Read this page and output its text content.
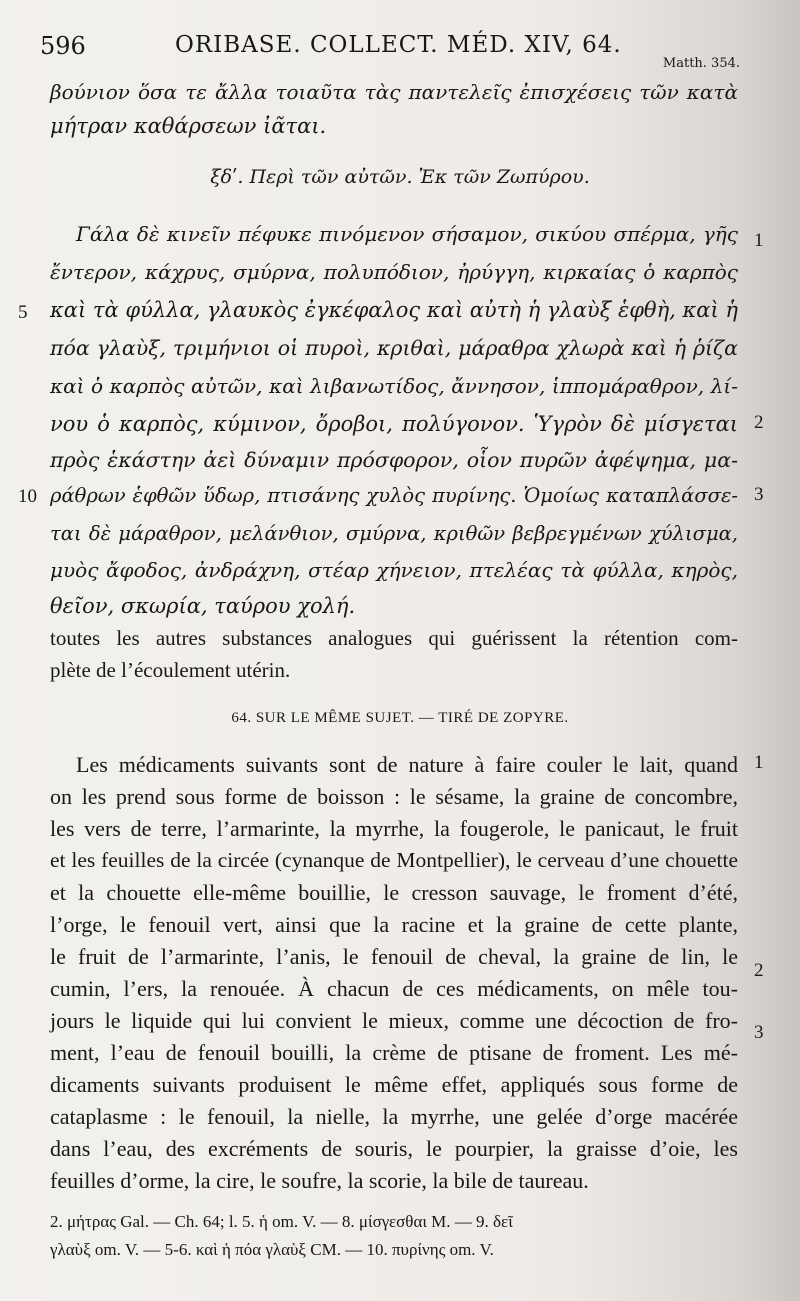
596	ORIBASE. COLLECT. MÉD. XIV, 64.
Matth. 354.
βούνιον ὅσα τε ἄλλα τοιαῦτα τὰς παντελεῖς ἐπισχέσεις τῶν κατὰ
μήτραν καθάρσεων ἰᾶται.
ξδʹ. Περὶ τῶν αὐτῶν. Ἐκ τῶν Ζωπύρου.
Γάλα δὲ κινεῖν πέφυκε πινόμενον σήσαμον, σικύου σπέρμα, γῆς
ἔντερον, κάχρυς, σμύρνα, πολυπόδιον, ἠρύγγη, κιρκαίας ὁ καρπὸς
καὶ τὰ φύλλα, γλαυκὸς ἐγκέφαλος καὶ αὐτὴ ἡ γλαὺξ ἑφθὴ, καὶ ἡ
πόα γλαὺξ, τριμήνιοι οἱ πυροὶ, κριθαὶ, μάραθρα χλωρὰ καὶ ἡ ῥίζα
καὶ ὁ καρπὸς αὐτῶν, καὶ λιβανωτίδος, ἄννησον, ἱππομάραθρον, λί-
νου ὁ καρπὸς, κύμινον, ὄροβοι, πολύγονον. Ὑγρὸν δὲ μίσγεται
πρὸς ἑκάστην ἀεὶ δύναμιν πρόσφορον, οἷον πυρῶν ἀφέψημα, μα-
ράθρων ἑφθῶν ὕδωρ, πτισάνης χυλὸς πυρίνης. Ὁμοίως καταπλάσσε-
ται δὲ μάραθρον, μελάνθιον, σμύρνα, κριθῶν βεβρεγμένων χύλισμα,
μυὸς ἄφοδος, ἀνδράχνη, στέαρ χήνειον, πτελέας τὰ φύλλα, κηρὸς,
θεῖον, σκωρία, ταύρου χολή.
1
5
2
10	3
toutes les autres substances analogues qui guérissent la rétention com-
plète de l’écoulement utérin.
64. SUR LE MÊME SUJET. — TIRÉ DE ZOPYRE.
Les médicaments suivants sont de nature à faire couler le lait, quand
on les prend sous forme de boisson : le sésame, la graine de concombre,
les vers de terre, l’armarinte, la myrrhe, la fougerole, le panicaut, le fruit
et les feuilles de la circée (cynanque de Montpellier), le cerveau d’une chouette
et la chouette elle-même bouillie, le cresson sauvage, le froment d’été,
l’orge, le fenouil vert, ainsi que la racine et la graine de cette plante,
le fruit de l’armarinte, l’anis, le fenouil de cheval, la graine de lin, le
cumin, l’ers, la renouée. À chacun de ces médicaments, on mêle tou-
jours le liquide qui lui convient le mieux, comme une décoction de fro-
ment, l’eau de fenouil bouilli, la crème de ptisane de froment. Les mé-
dicaments suivants produisent le même effet, appliqués sous forme de
cataplasme : le fenouil, la nielle, la myrrhe, une gelée d’orge macérée
dans l’eau, des excréments de souris, le pourpier, la graisse d’oie, les
feuilles d’orme, la cire, le soufre, la scorie, la bile de taureau.
1
2
3
2. μήτρας Gal. — Ch. 64; l. 5. ἡ om. V. — 8. μίσγεσθαι M. — 9. δεῖ
γλαὺξ om. V. — 5-6. καὶ ἡ πόα γλαὺξ CM. — 10. πυρίνης om. V.
